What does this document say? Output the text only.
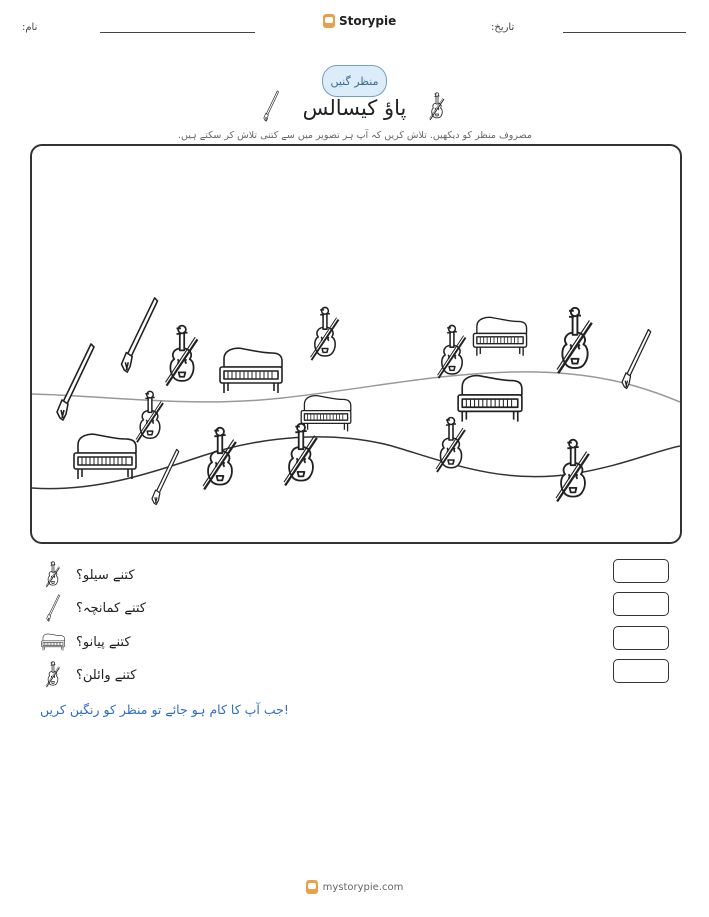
نام:	Storypie	تاریخ:
منظر گنیں
پاؤ کیسالس
مصروف منظر کو دیکھیں. تلاش کریں کہ آپ ہر تصویر میں سے کتنی تلاش کر سکتے ہیں.
کتنے سیلو؟
کتنے کمانچہ؟
کتنے پیانو؟
کتنے وائلن؟
جب آپ کا کام ہو جائے تو منظر کو رنگین کریں!
mystorypie.com
